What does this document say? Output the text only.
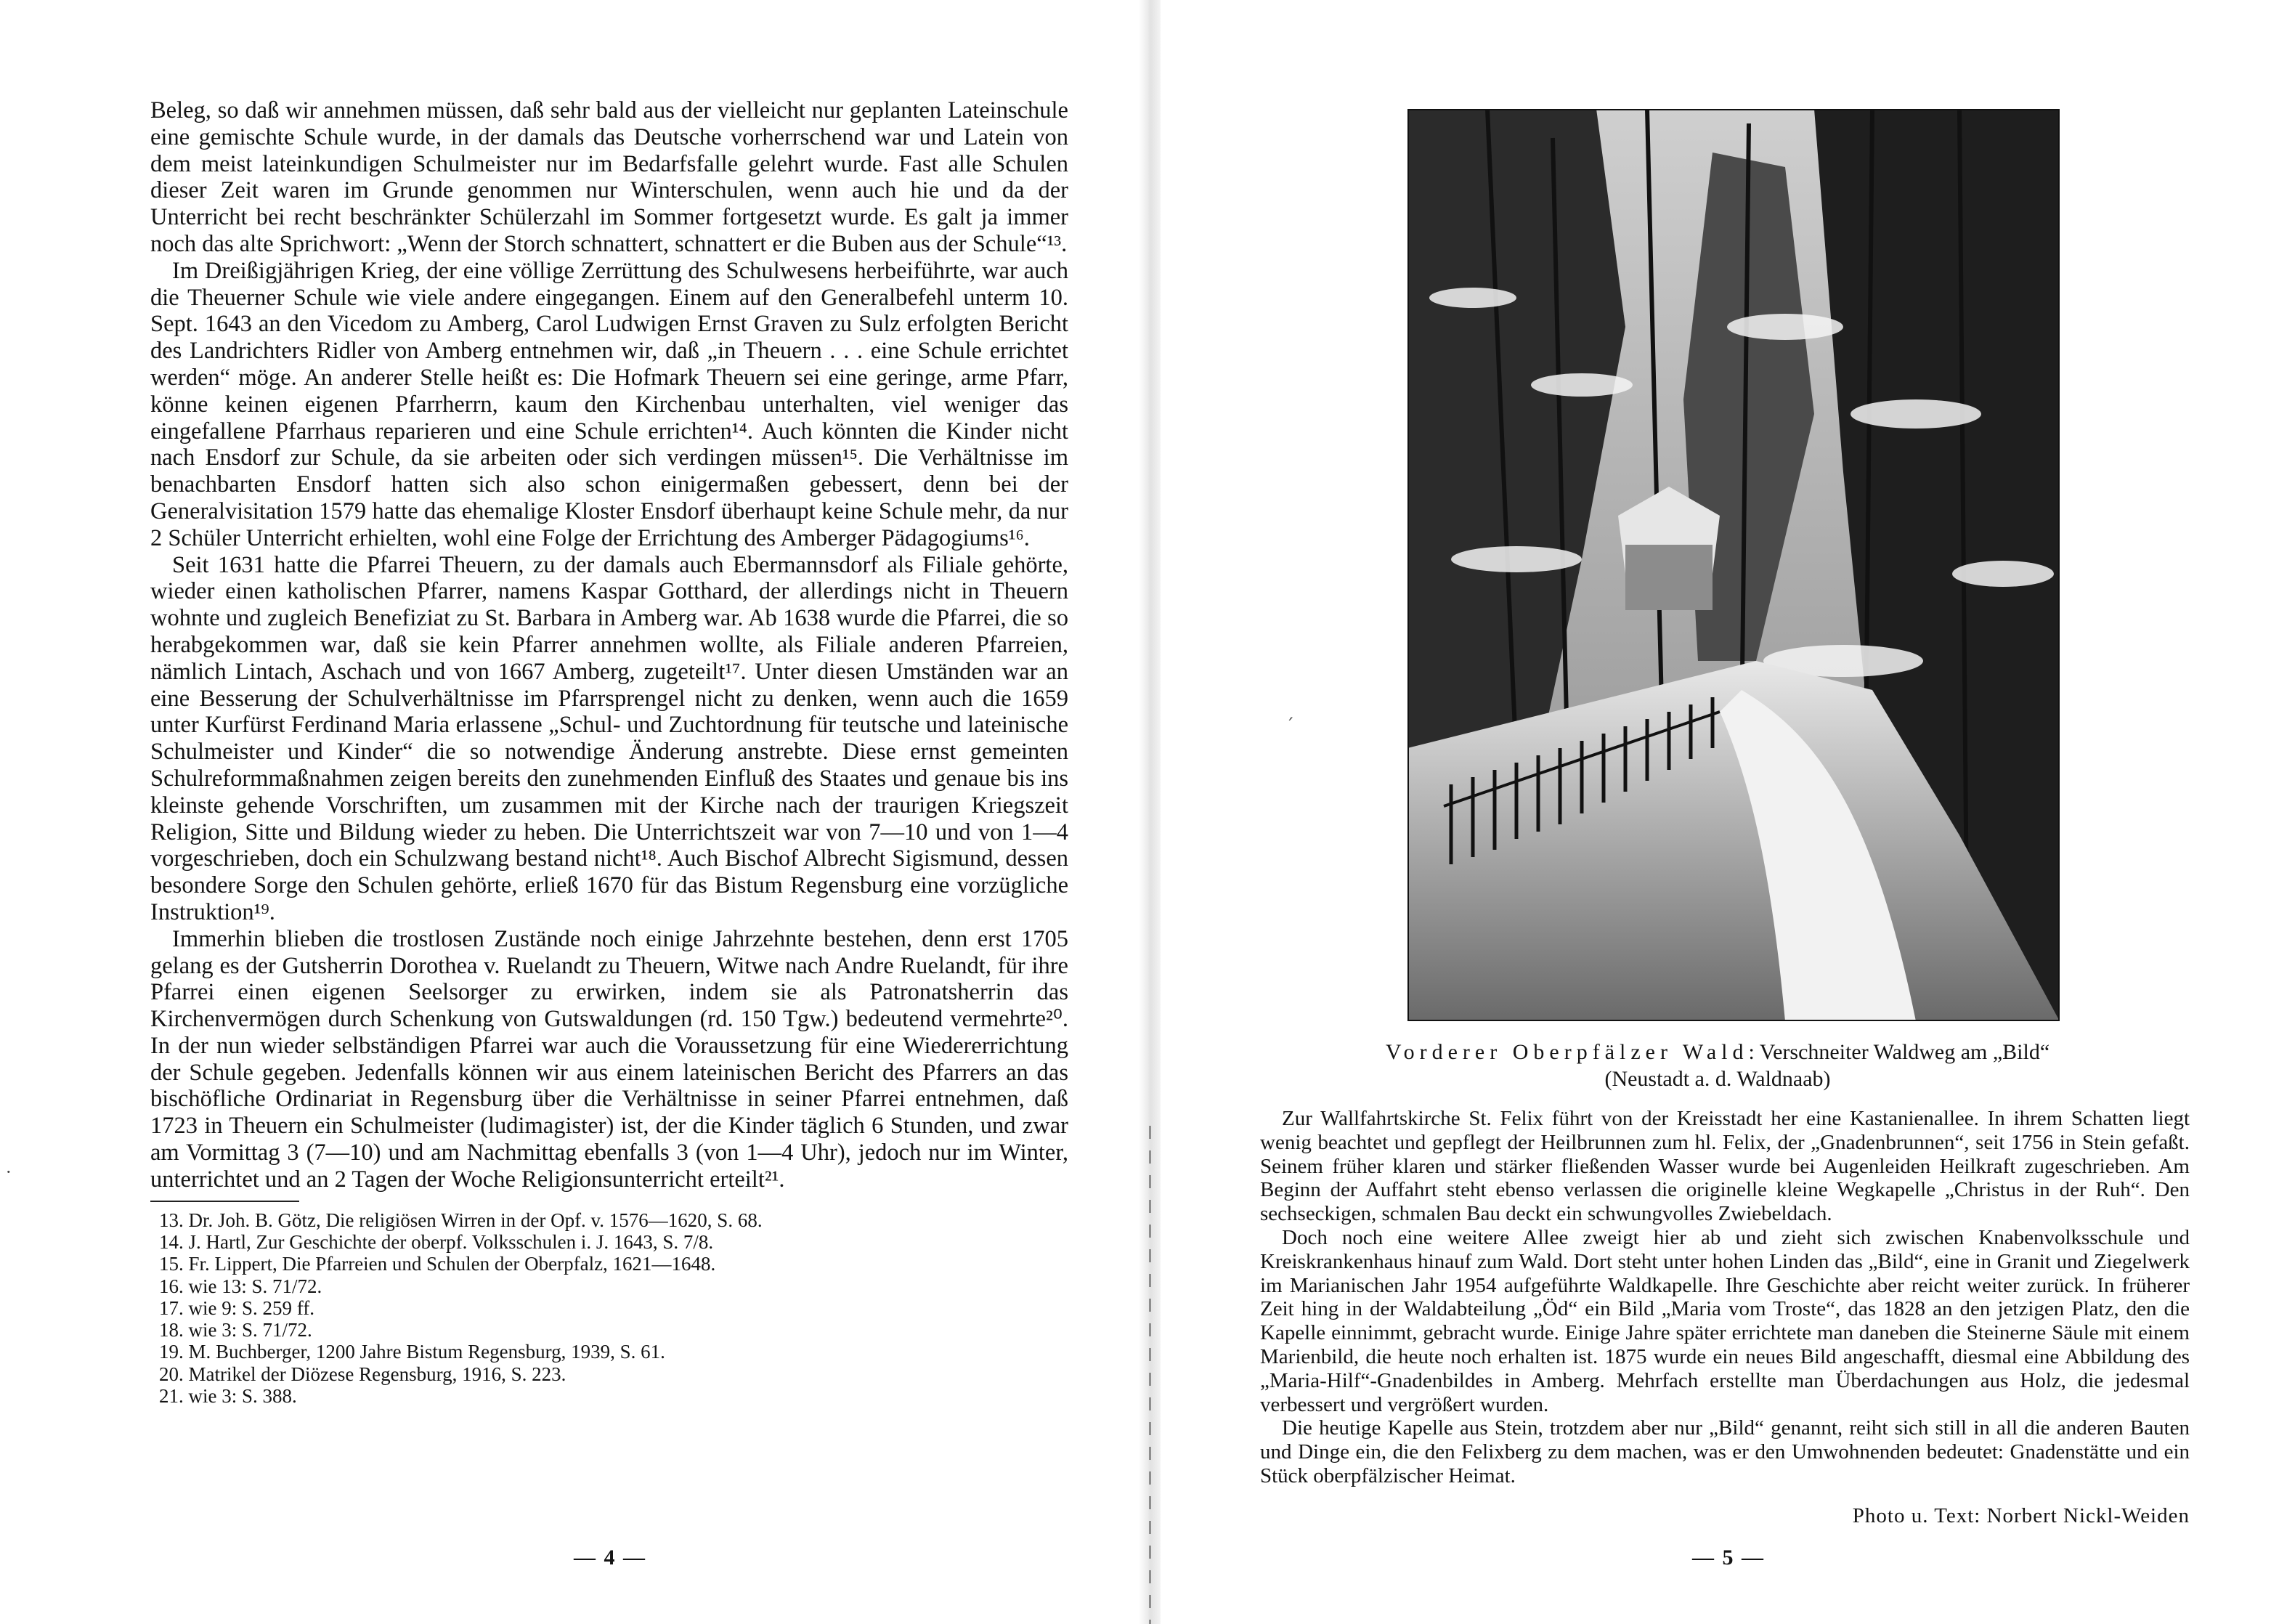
ˊ
·

Beleg, so daß wir annehmen müssen, daß sehr bald aus der vielleicht nur geplanten Lateinschule eine gemischte Schule wurde, in der damals das Deutsche vorherrschend war und Latein von dem meist lateinkundigen Schulmeister nur im Bedarfsfalle gelehrt wurde. Fast alle Schulen dieser Zeit waren im Grunde genommen nur Winterschulen, wenn auch hie und da der Unterricht bei recht beschränkter Schülerzahl im Sommer fortgesetzt wurde. Es galt ja immer noch das alte Sprichwort: „Wenn der Storch schnattert, schnattert er die Buben aus der Schule“¹³.

Im Dreißigjährigen Krieg, der eine völlige Zerrüttung des Schulwesens herbeiführte, war auch die Theuerner Schule wie viele andere eingegangen. Einem auf den Generalbefehl unterm 10. Sept. 1643 an den Vicedom zu Amberg, Carol Ludwigen Ernst Graven zu Sulz erfolgten Bericht des Landrichters Ridler von Amberg entnehmen wir, daß „in Theuern . . . eine Schule errichtet werden“ möge. An anderer Stelle heißt es: Die Hofmark Theuern sei eine geringe, arme Pfarr, könne keinen eigenen Pfarrherrn, kaum den Kirchenbau unterhalten, viel weniger das eingefallene Pfarrhaus reparieren und eine Schule errichten¹⁴. Auch könnten die Kinder nicht nach Ensdorf zur Schule, da sie arbeiten oder sich verdingen müssen¹⁵. Die Verhältnisse im benachbarten Ensdorf hatten sich also schon einigermaßen gebessert, denn bei der Generalvisitation 1579 hatte das ehemalige Kloster Ensdorf überhaupt keine Schule mehr, da nur 2 Schüler Unterricht erhielten, wohl eine Folge der Errichtung des Amberger Pädagogiums¹⁶.

Seit 1631 hatte die Pfarrei Theuern, zu der damals auch Ebermannsdorf als Filiale gehörte, wieder einen katholischen Pfarrer, namens Kaspar Gotthard, der allerdings nicht in Theuern wohnte und zugleich Benefiziat zu St. Barbara in Amberg war. Ab 1638 wurde die Pfarrei, die so herabgekommen war, daß sie kein Pfarrer annehmen wollte, als Filiale anderen Pfarreien, nämlich Lintach, Aschach und von 1667 Amberg, zugeteilt¹⁷. Unter diesen Umständen war an eine Besserung der Schulverhältnisse im Pfarrsprengel nicht zu denken, wenn auch die 1659 unter Kurfürst Ferdinand Maria erlassene „Schul- und Zuchtordnung für teutsche und lateinische Schulmeister und Kinder“ die so notwendige Änderung anstrebte. Diese ernst gemeinten Schulreformmaßnahmen zeigen bereits den zunehmenden Einfluß des Staates und genaue bis ins kleinste gehende Vorschriften, um zusammen mit der Kirche nach der traurigen Kriegszeit Religion, Sitte und Bildung wieder zu heben. Die Unterrichtszeit war von 7—10 und von 1—4 vorgeschrieben, doch ein Schulzwang bestand nicht¹⁸. Auch Bischof Albrecht Sigismund, dessen besondere Sorge den Schulen gehörte, erließ 1670 für das Bistum Regensburg eine vorzügliche Instruktion¹⁹.

Immerhin blieben die trostlosen Zustände noch einige Jahrzehnte bestehen, denn erst 1705 gelang es der Gutsherrin Dorothea v. Ruelandt zu Theuern, Witwe nach Andre Ruelandt, für ihre Pfarrei einen eigenen Seelsorger zu erwirken, indem sie als Patronatsherrin das Kirchenvermögen durch Schenkung von Gutswaldungen (rd. 150 Tgw.) bedeutend vermehrte²⁰. In der nun wieder selbständigen Pfarrei war auch die Voraussetzung für eine Wiedererrichtung der Schule gegeben. Jedenfalls können wir aus einem lateinischen Bericht des Pfarrers an das bischöfliche Ordinariat in Regensburg über die Verhältnisse in seiner Pfarrei entnehmen, daß 1723 in Theuern ein Schulmeister (ludimagister) ist, der die Kinder täglich 6 Stunden, und zwar am Vormittag 3 (7—10) und am Nachmittag ebenfalls 3 (von 1—4 Uhr), jedoch nur im Winter, unterrichtet und an 2 Tagen der Woche Religionsunterricht erteilt²¹.

13. Dr. Joh. B. Götz, Die religiösen Wirren in der Opf. v. 1576—1620, S. 68.
14. J. Hartl, Zur Geschichte der oberpf. Volksschulen i. J. 1643, S. 7/8.
15. Fr. Lippert, Die Pfarreien und Schulen der Oberpfalz, 1621—1648.
16. wie 13: S. 71/72.
17. wie 9: S. 259 ff.
18. wie 3: S. 71/72.
19. M. Buchberger, 1200 Jahre Bistum Regensburg, 1939, S. 61.
20. Matrikel der Diözese Regensburg, 1916, S. 223.
21. wie 3: S. 388.
— 4 —
Vorderer Oberpfälzer Wald: Verschneiter Waldweg am „Bild“
(Neustadt a. d. Waldnaab)

Zur Wallfahrtskirche St. Felix führt von der Kreisstadt her eine Kastanienallee. In ihrem Schatten liegt wenig beachtet und gepflegt der Heilbrunnen zum hl. Felix, der „Gnadenbrunnen“, seit 1756 in Stein gefaßt. Seinem früher klaren und stärker fließenden Wasser wurde bei Augenleiden Heilkraft zugeschrieben. Am Beginn der Auffahrt steht ebenso verlassen die originelle kleine Wegkapelle „Christus in der Ruh“. Den sechseckigen, schmalen Bau deckt ein schwungvolles Zwiebeldach.

Doch noch eine weitere Allee zweigt hier ab und zieht sich zwischen Knabenvolksschule und Kreiskrankenhaus hinauf zum Wald. Dort steht unter hohen Linden das „Bild“, eine in Granit und Ziegelwerk im Marianischen Jahr 1954 aufgeführte Waldkapelle. Ihre Geschichte aber reicht weiter zurück. In früherer Zeit hing in der Waldabteilung „Öd“ ein Bild „Maria vom Troste“, das 1828 an den jetzigen Platz, den die Kapelle einnimmt, gebracht wurde. Einige Jahre später errichtete man daneben die Steinerne Säule mit einem Marienbild, die heute noch erhalten ist. 1875 wurde ein neues Bild angeschafft, diesmal eine Abbildung des „Maria-Hilf“-Gnadenbildes in Amberg. Mehrfach erstellte man Überdachungen aus Holz, die jedesmal verbessert und vergrößert wurden.

Die heutige Kapelle aus Stein, trotzdem aber nur „Bild“ genannt, reiht sich still in all die anderen Bauten und Dinge ein, die den Felixberg zu dem machen, was er den Umwohnenden bedeutet: Gnadenstätte und ein Stück oberpfälzischer Heimat.

Photo u. Text: Norbert Nickl-Weiden
— 5 —
